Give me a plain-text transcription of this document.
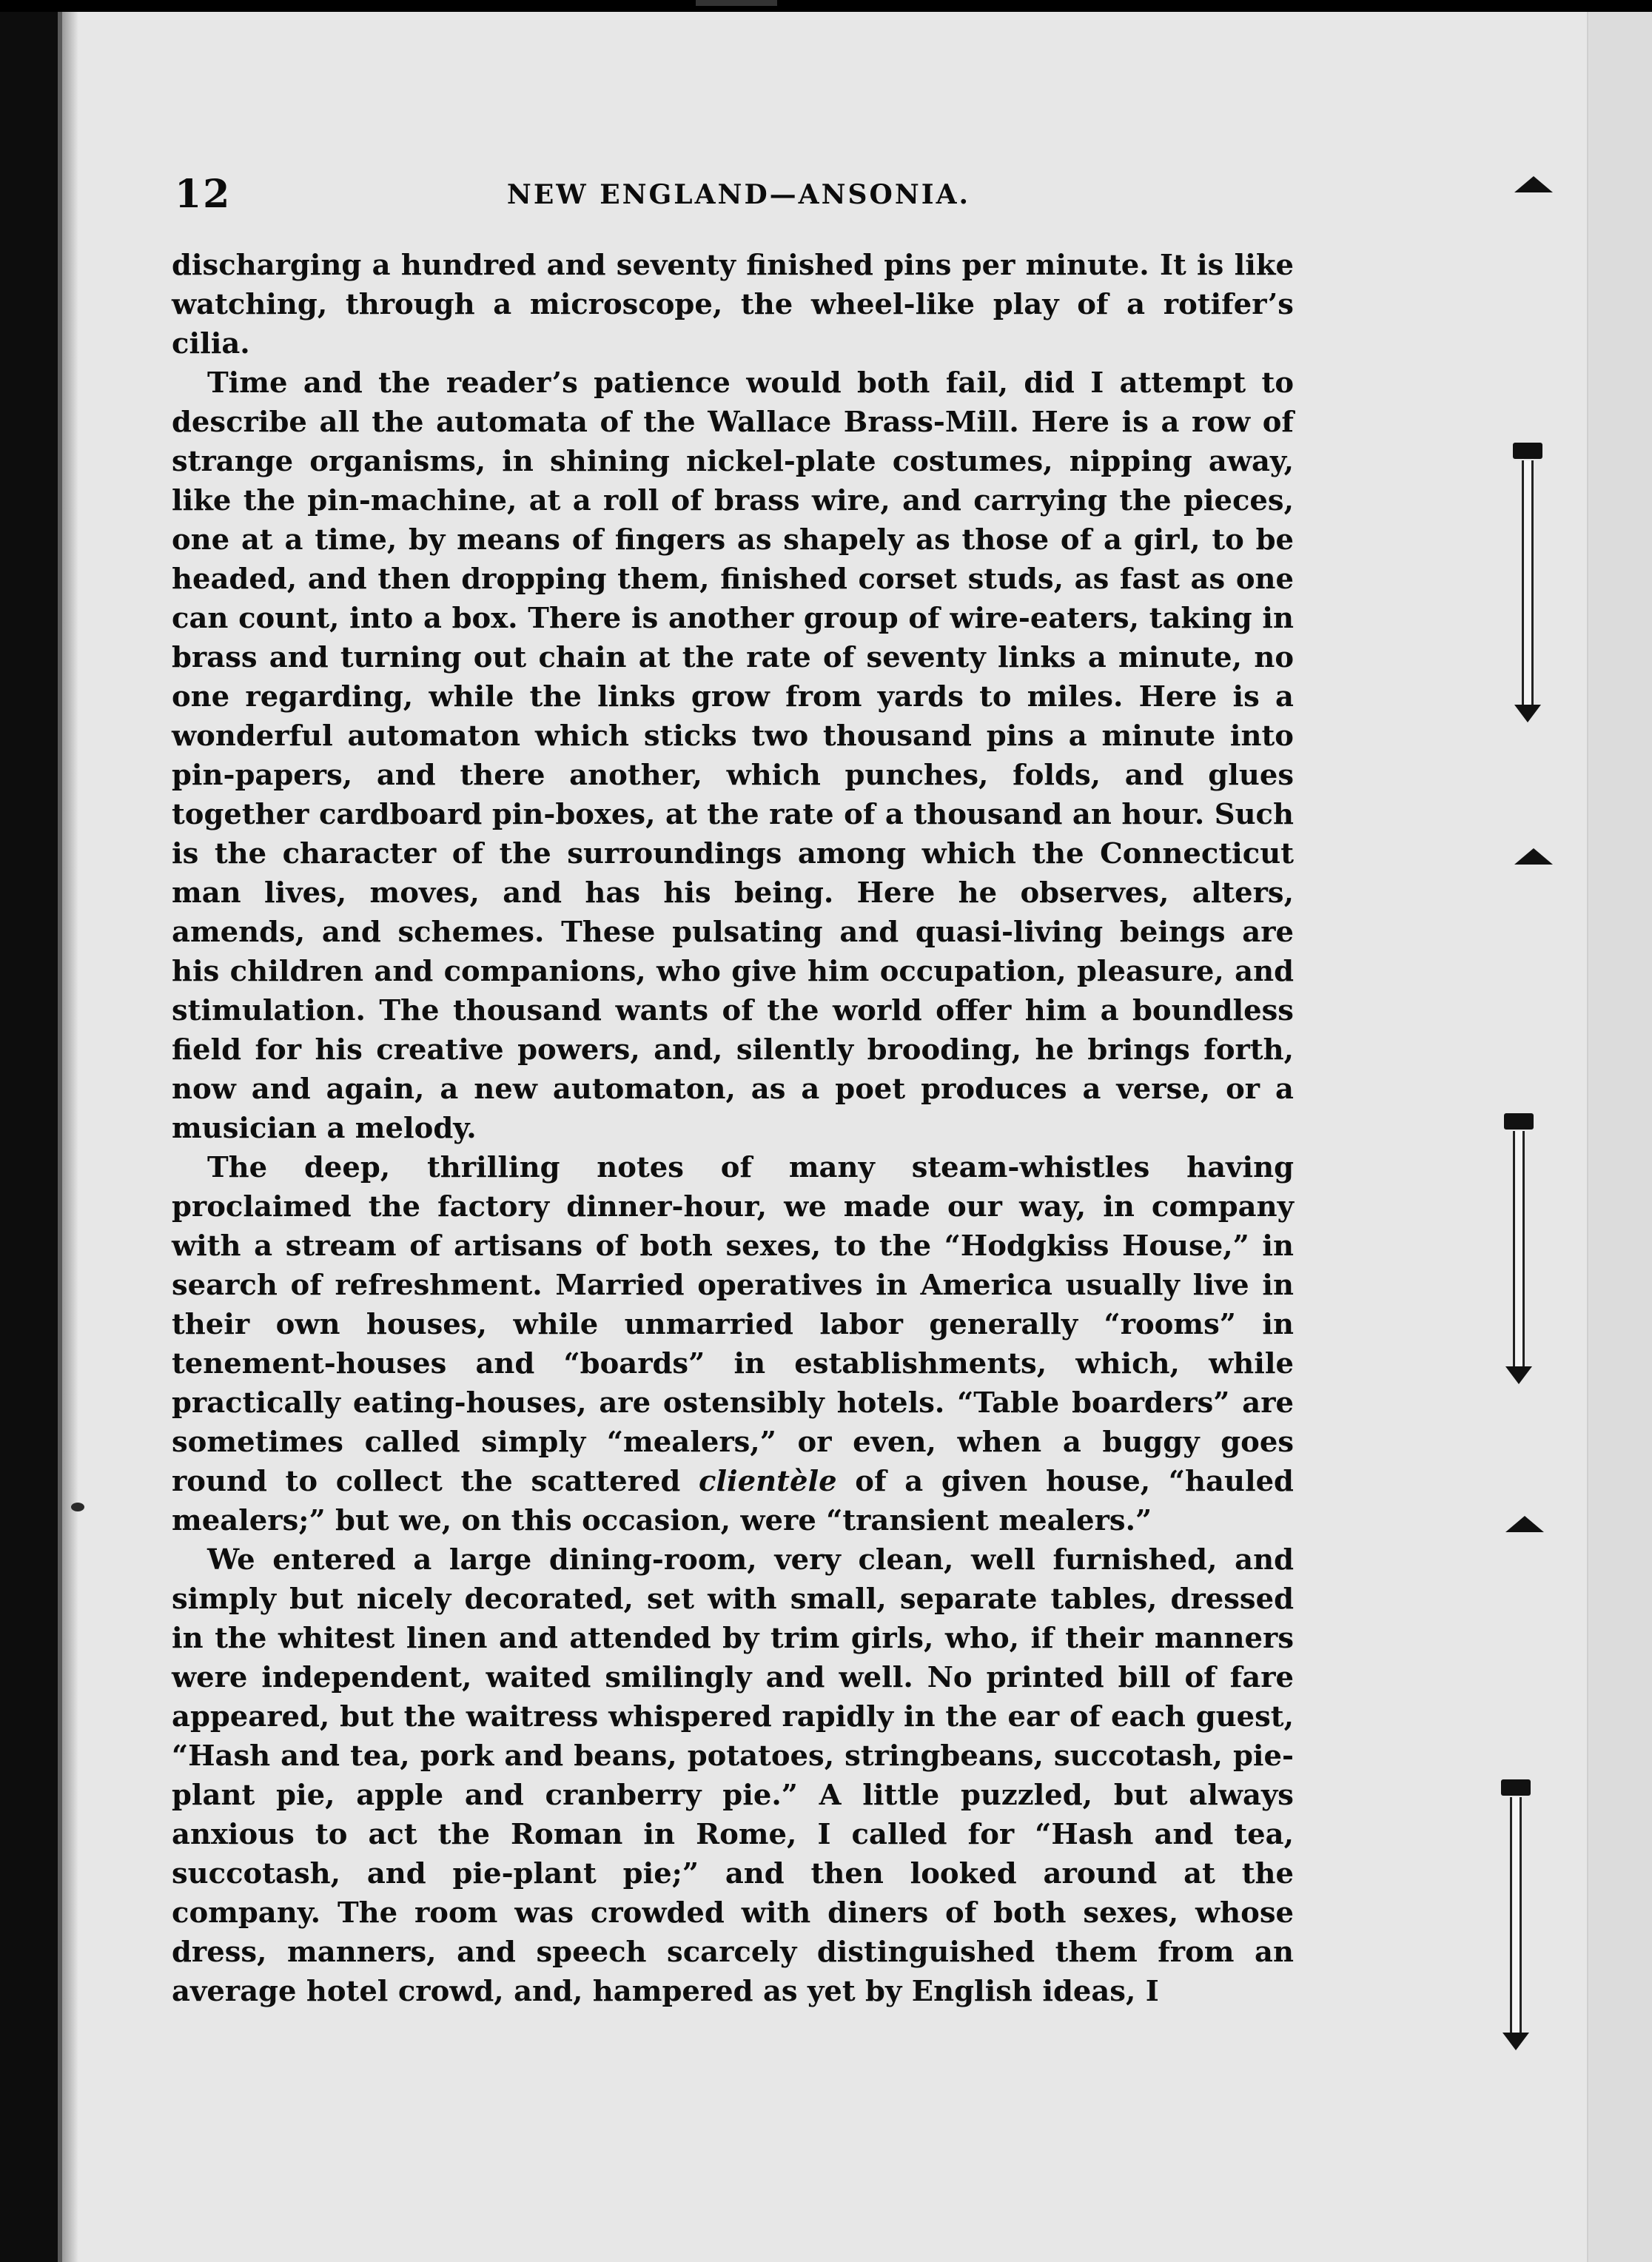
12	NEW ENGLAND—ANSONIA.

discharging a hundred and seventy finished pins per minute. It is like watching, through a microscope, the wheel-like play of a rotifer’s cilia.

Time and the reader’s patience would both fail, did I attempt to describe all the automata of the Wallace Brass-Mill. Here is a row of strange organisms, in shining nickel-plate costumes, nipping away, like the pin-machine, at a roll of brass wire, and carrying the pieces, one at a time, by means of fingers as shapely as those of a girl, to be headed, and then dropping them, finished corset studs, as fast as one can count, into a box. There is another group of wire-eaters, taking in brass and turning out chain at the rate of seventy links a minute, no one regarding, while the links grow from yards to miles. Here is a wonderful automaton which sticks two thousand pins a minute into pin-papers, and there another, which punches, folds, and glues together cardboard pin-boxes, at the rate of a thousand an hour. Such is the character of the surroundings among which the Connecticut man lives, moves, and has his being. Here he observes, alters, amends, and schemes. These pulsating and quasi-living beings are his children and companions, who give him occupation, pleasure, and stimulation. The thousand wants of the world offer him a boundless field for his creative powers, and, silently brooding, he brings forth, now and again, a new automaton, as a poet produces a verse, or a musician a melody.

The deep, thrilling notes of many steam-whistles having proclaimed the factory dinner-hour, we made our way, in company with a stream of artisans of both sexes, to the “Hodgkiss House,” in search of refreshment. Married operatives in America usually live in their own houses, while unmarried labor generally “rooms” in tenement-houses and “boards” in establishments, which, while practically eating-houses, are ostensibly hotels. “Table boarders” are sometimes called simply “mealers,” or even, when a buggy goes round to collect the scattered clientèle of a given house, “hauled mealers;” but we, on this occasion, were “transient mealers.”

We entered a large dining-room, very clean, well furnished, and simply but nicely decorated, set with small, separate tables, dressed in the whitest linen and attended by trim girls, who, if their manners were independent, waited smilingly and well. No printed bill of fare appeared, but the waitress whispered rapidly in the ear of each guest, “Hash and tea, pork and beans, potatoes, stringbeans, succotash, pie-plant pie, apple and cranberry pie.” A little puzzled, but always anxious to act the Roman in Rome, I called for “Hash and tea, succotash, and pie-plant pie;” and then looked around at the company. The room was crowded with diners of both sexes, whose dress, manners, and speech scarcely distinguished them from an average hotel crowd, and, hampered as yet by English ideas, I
